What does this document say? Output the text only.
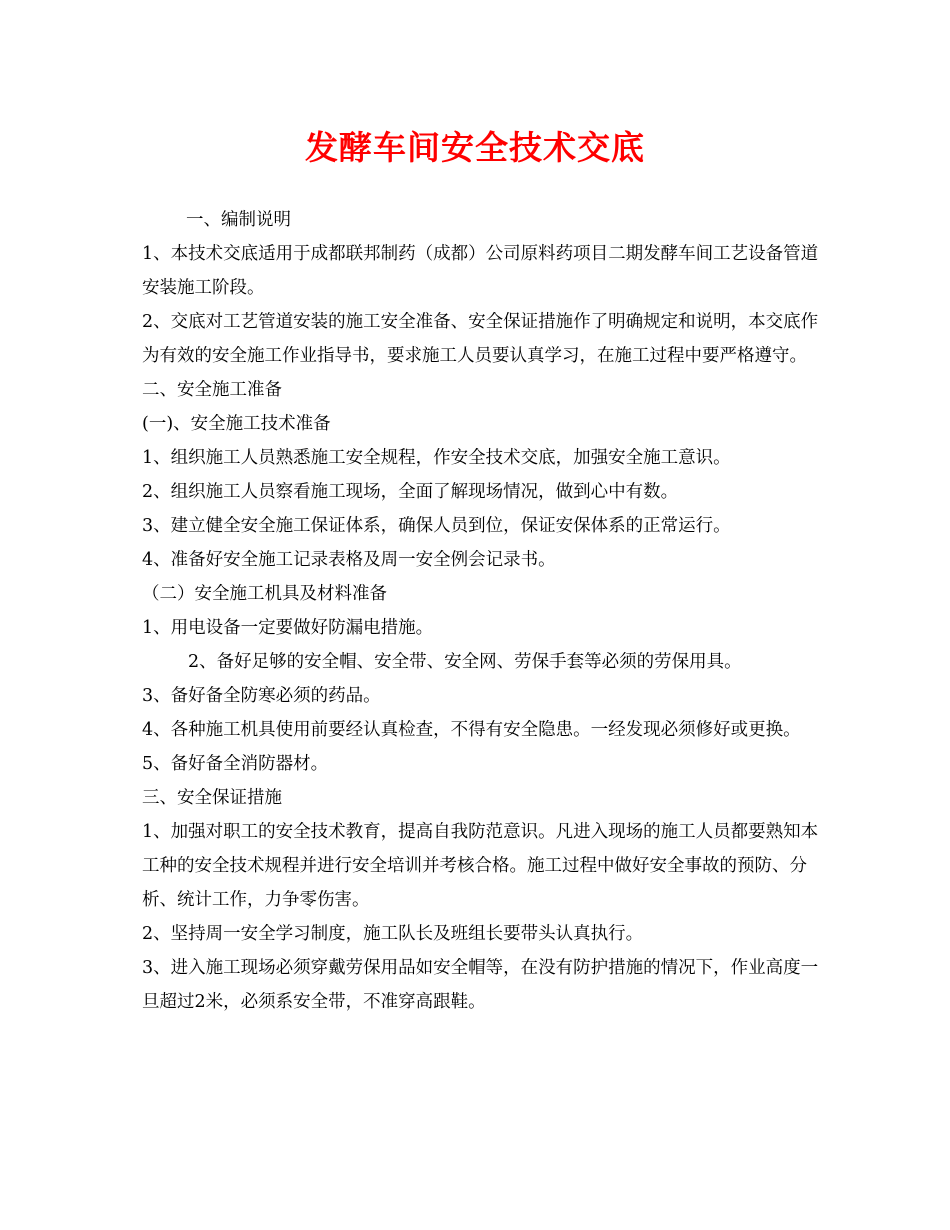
发酵车间安全技术交底

一、编制说明

1、本技术交底适用于成都联邦制药（成都）公司原料药项目二期发酵车间工艺设备管道安装施工阶段。

2、交底对工艺管道安装的施工安全准备、安全保证措施作了明确规定和说明，本交底作为有效的安全施工作业指导书，要求施工人员要认真学习，在施工过程中要严格遵守。

二、安全施工准备

(一)、安全施工技术准备

1、组织施工人员熟悉施工安全规程，作安全技术交底，加强安全施工意识。

2、组织施工人员察看施工现场，全面了解现场情况，做到心中有数。

3、建立健全安全施工保证体系，确保人员到位，保证安保体系的正常运行。

4、准备好安全施工记录表格及周一安全例会记录书。

（二）安全施工机具及材料准备

1、用电设备一定要做好防漏电措施。

2、备好足够的安全帽、安全带、安全网、劳保手套等必须的劳保用具。

3、备好备全防寒必须的药品。

4、各种施工机具使用前要经认真检查，不得有安全隐患。一经发现必须修好或更换。

5、备好备全消防器材。

三、安全保证措施

1、加强对职工的安全技术教育，提高自我防范意识。凡进入现场的施工人员都要熟知本工种的安全技术规程并进行安全培训并考核合格。施工过程中做好安全事故的预防、分析、统计工作，力争零伤害。

2、坚持周一安全学习制度，施工队长及班组长要带头认真执行。

3、进入施工现场必须穿戴劳保用品如安全帽等，在没有防护措施的情况下，作业高度一旦超过2米，必须系安全带，不准穿高跟鞋。
